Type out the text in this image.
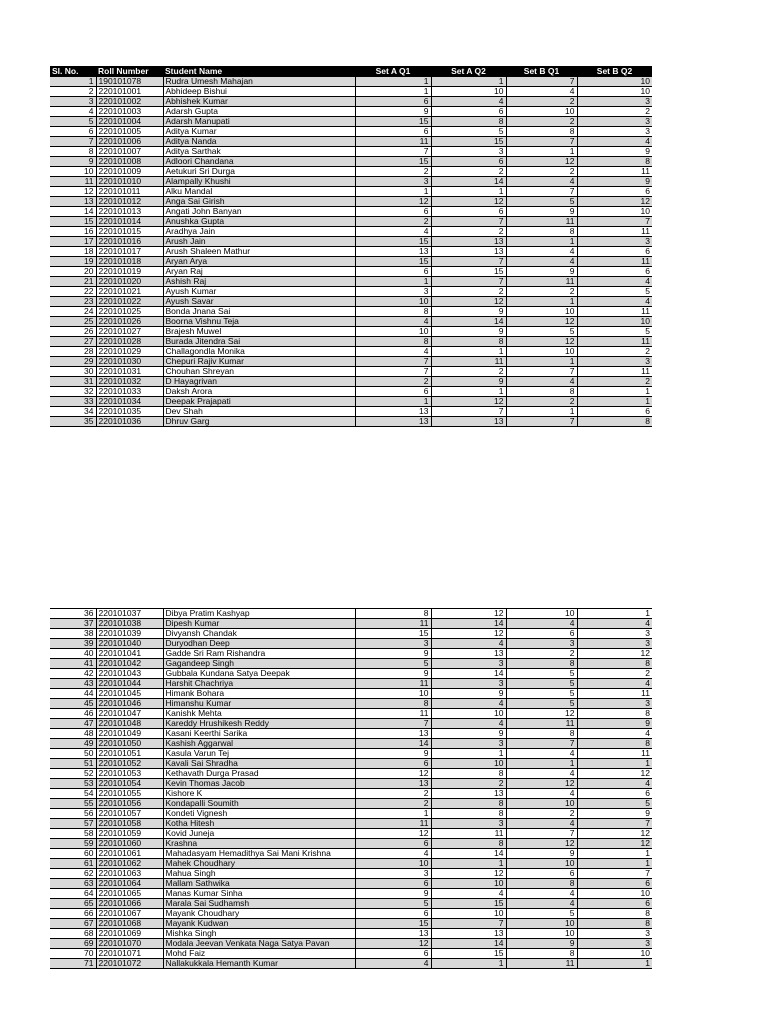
Sl. No.	Roll Number	Student Name	Set A Q1	Set A Q2	Set B Q1	Set B Q2
1	190101078	Rudra Umesh Mahajan	1	1	7	10
2	220101001	Abhideep Bishui	1	10	4	10
3	220101002	Abhishek Kumar	6	4	2	3
4	220101003	Adarsh Gupta	9	6	10	2
5	220101004	Adarsh Manupati	15	8	2	3
6	220101005	Aditya Kumar	6	5	8	3
7	220101006	Aditya Nanda	11	15	7	4
8	220101007	Aditya Sarthak	7	3	1	9
9	220101008	Adloori Chandana	15	6	12	8
10	220101009	Aetukuri Sri Durga	2	2	2	11
11	220101010	Alampally Khushi	3	14	4	9
12	220101011	Alku Mandal	1	1	7	6
13	220101012	Anga Sai Girish	12	12	5	12
14	220101013	Angati John Banyan	6	6	9	10
15	220101014	Anushka Gupta	2	7	11	7
16	220101015	Aradhya Jain	4	2	8	11
17	220101016	Arush Jain	15	13	1	3
18	220101017	Arush Shaleen Mathur	13	13	4	6
19	220101018	Aryan Arya	15	7	4	11
20	220101019	Aryan Raj	6	15	9	6
21	220101020	Ashish Raj	1	7	11	4
22	220101021	Ayush Kumar	3	2	2	5
23	220101022	Ayush Savar	10	12	1	4
24	220101025	Bonda Jnana Sai	8	9	10	11
25	220101026	Boorna Vishnu Teja	4	14	12	10
26	220101027	Brajesh Muwel	10	9	5	5
27	220101028	Burada Jitendra Sai	8	8	12	11
28	220101029	Challagondla Monika	4	1	10	2
29	220101030	Chepuri Rajiv Kumar	7	11	1	3
30	220101031	Chouhan Shreyan	7	2	7	11
31	220101032	D Hayagrivan	2	9	4	2
32	220101033	Daksh Arora	6	1	8	1
33	220101034	Deepak Prajapati	1	12	2	1
34	220101035	Dev Shah	13	7	1	6
35	220101036	Dhruv Garg	13	13	7	8
36	220101037	Dibya Pratim Kashyap	8	12	10	1
37	220101038	Dipesh Kumar	11	14	4	4
38	220101039	Divyansh Chandak	15	12	6	3
39	220101040	Duryodhan Deep	3	4	3	3
40	220101041	Gadde Sri Ram Rishandra	9	13	2	12
41	220101042	Gagandeep Singh	5	3	8	8
42	220101043	Gubbala Kundana Satya Deepak	9	14	5	2
43	220101044	Harshit Chachriya	11	3	5	4
44	220101045	Himank Bohara	10	9	5	11
45	220101046	Himanshu Kumar	8	4	5	3
46	220101047	Kanishk Mehta	11	10	12	8
47	220101048	Kareddy Hrushikesh Reddy	7	4	11	9
48	220101049	Kasani Keerthi Sarika	13	9	8	4
49	220101050	Kashish Aggarwal	14	3	7	8
50	220101051	Kasula Varun Tej	9	1	4	11
51	220101052	Kavali Sai Shradha	6	10	1	1
52	220101053	Kethavath Durga Prasad	12	8	4	12
53	220101054	Kevin Thomas Jacob	13	2	12	4
54	220101055	Kishore K	2	13	4	6
55	220101056	Kondapalli Soumith	2	8	10	5
56	220101057	Kondeti Vignesh	1	8	2	9
57	220101058	Kotha Hitesh	11	3	4	7
58	220101059	Kovid Juneja	12	11	7	12
59	220101060	Krashna	6	8	12	12
60	220101061	Mahadasyam Hemadithya Sai Mani Krishna	4	14	9	1
61	220101062	Mahek Choudhary	10	1	10	1
62	220101063	Mahua Singh	3	12	6	7
63	220101064	Mallam Sathwika	6	10	8	6
64	220101065	Manas Kumar Sinha	9	4	4	10
65	220101066	Marala Sai Sudhamsh	5	15	4	6
66	220101067	Mayank Choudhary	6	10	5	8
67	220101068	Mayank Kudwan	15	7	10	8
68	220101069	Mishka Singh	13	13	10	3
69	220101070	Modala Jeevan Venkata Naga Satya Pavan	12	14	9	3
70	220101071	Mohd Faiz	6	15	8	10
71	220101072	Nallakukkala Hemanth Kumar	4	1	11	1
